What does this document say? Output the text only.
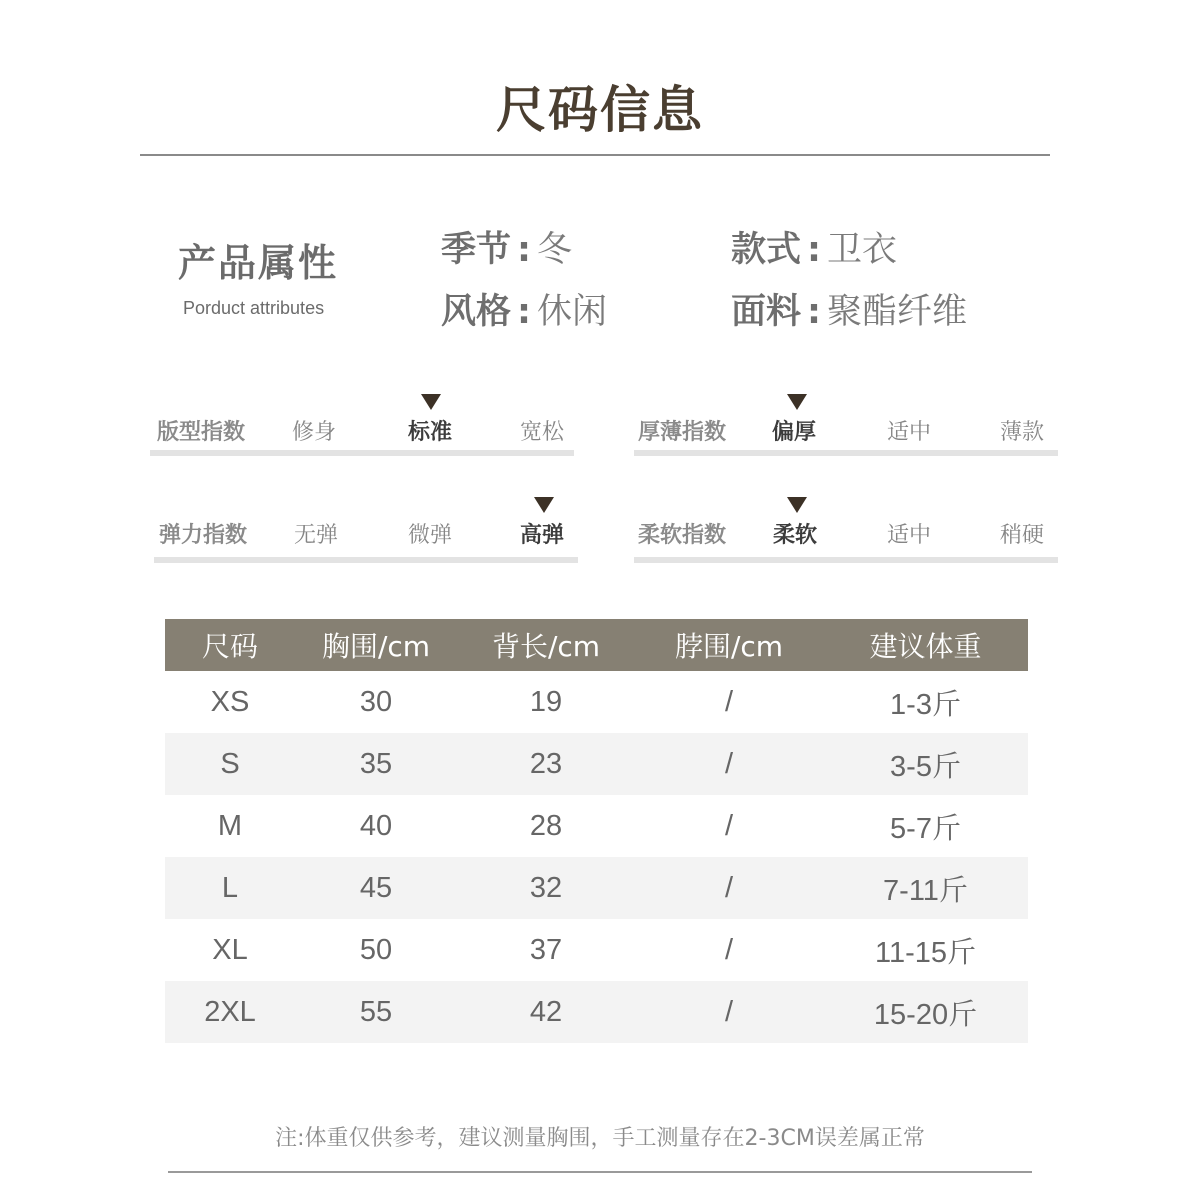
尺码信息
产品属性
Porduct attributes
季节 : 冬	款式 : 卫衣
风格 : 休闲	面料 : 聚酯纤维
版型指数 修身	标准	宽松	厚薄指数 偏厚	适中	薄款
弹力指数 无弹	微弹	高弹	柔软指数 柔软	适中	稍硬
尺码	胸围/cm	背长/cm	脖围/cm	建议体重
XS	30	19	/	1-3斤
S	35	23	/	3-5斤
M	40	28	/	5-7斤
L	45	32	/	7-11斤
XL	50	37	/	11-15斤
2XL	55	42	/	15-20斤
注:体重仅供参考，建议测量胸围，手工测量存在2-3CM误差属正常
